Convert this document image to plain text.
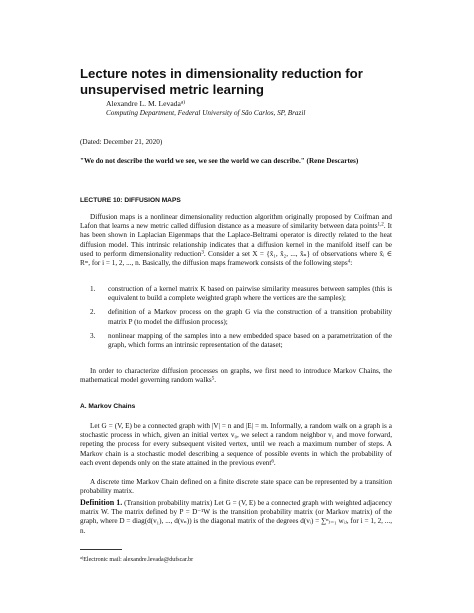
Lecture notes in dimensionality reduction for unsupervised metric learning
Alexandre L. M. Levada$^{a)}$
Computing Department, Federal University of São Carlos, SP, Brazil
(Dated: December 21, 2020)
"We do not describe the world we see, we see the world we can describe." (Rene Descartes)
LECTURE 10: DIFFUSION MAPS
Diffusion maps is a nonlinear dimensionality reduction algorithm originally proposed by Coifman and Lafon that learns a new metric called diffusion distance as a measure of similarity between data points$^{1,2}$. It has been shown in Laplacian Eigenmaps that the Laplace-Beltrami operator is directly related to the heat diffusion model. This intrinsic relationship indicates that a diffusion kernel in the manifold itself can be used to perform dimensionality reduction$^3$. Consider a set X = {x̃₁, x̃₂, ..., x̃ₙ} of observations where x̃ᵢ ∈ Rᵐ, for i = 1, 2, ..., n. Basically, the diffusion maps framework consists of the following steps$^4$:
1. construction of a kernel matrix K based on pairwise similarity measures between samples (this is equivalent to build a complete weighted graph where the vertices are the samples);
2. definition of a Markov process on the graph G via the construction of a transition probability matrix P (to model the diffusion process);
3. nonlinear mapping of the samples into a new embedded space based on a parametrization of the graph, which forms an intrinsic representation of the dataset;
In order to characterize diffusion processes on graphs, we first need to introduce Markov Chains, the mathematical model governing random walks$^5$.
A. Markov Chains
Let G = (V, E) be a connected graph with |V| = n and |E| = m. Informally, a random walk on a graph is a stochastic process in which, given an initial vertex v₀, we select a random neighbor v₁ and move forward, repeting the process for every subsequent visited vertex, until we reach a maximum number of steps. A Markov chain is a stochastic model describing a sequence of possible events in which the probability of each event depends only on the state attained in the previous event$^6$.
A discrete time Markov Chain defined on a finite discrete state space can be represented by a transition probability matrix.
Definition 1. (Transition probability matrix) Let G = (V, E) be a connected graph with weighted adjacency matrix W. The matrix defined by P = D⁻¹W is the transition probability matrix (or Markov matrix) of the graph, where D = diag(d(v₁), ..., d(vₙ)) is the diagonal matrix of the degrees d(vᵢ) = ∑ⁿⱼ₌₁ wᵢⱼ, for i = 1, 2, ..., n.
$^{a)}$Electronic mail: alexandre.levada@dufscar.br
